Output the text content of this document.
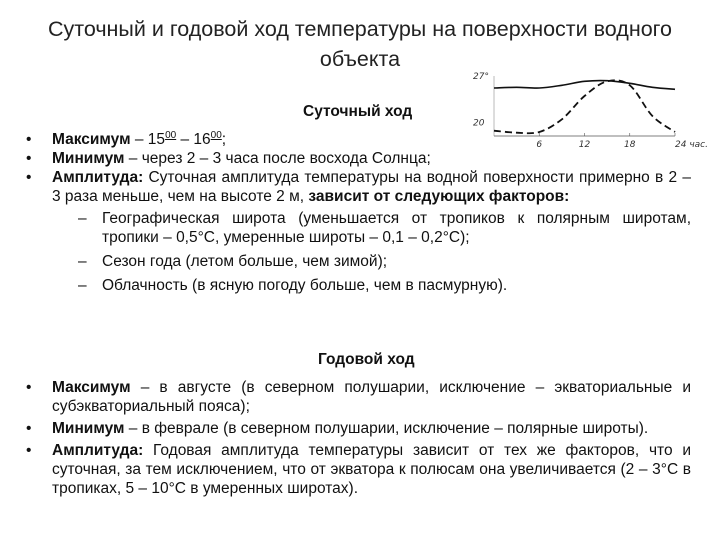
Суточный и годовой ход температуры на поверхности водного объекта
Суточный ход
6	12	18	24 час.
27°
20
• Максимум – $15^{00} - 16^{00}$;
• Минимум – через 2 – 3 часа после восхода Солнца;
• Амплитуда: Суточная амплитуда температуры на водной поверхности примерно в 2 – 3 раза меньше, чем на высоте 2 м, зависит от следующих факторов:
– Географическая широта (уменьшается от тропиков к полярным широтам, тропики – 0,5°С, умеренные широты – 0,1 – 0,2°С);
– Сезон года (летом больше, чем зимой);
– Облачность (в ясную погоду больше, чем в пасмурную).
Годовой ход
• Максимум – в августе (в северном полушарии, исключение – экваториальные и субэкваториальный пояса);
• Минимум – в феврале (в северном полушарии, исключение – полярные широты).
• Амплитуда: Годовая амплитуда температуры зависит от тех же факторов, что и суточная, за тем исключением, что от экватора к полюсам она увеличивается (2 – 3°С в тропиках, 5 – 10°С в умеренных широтах).
